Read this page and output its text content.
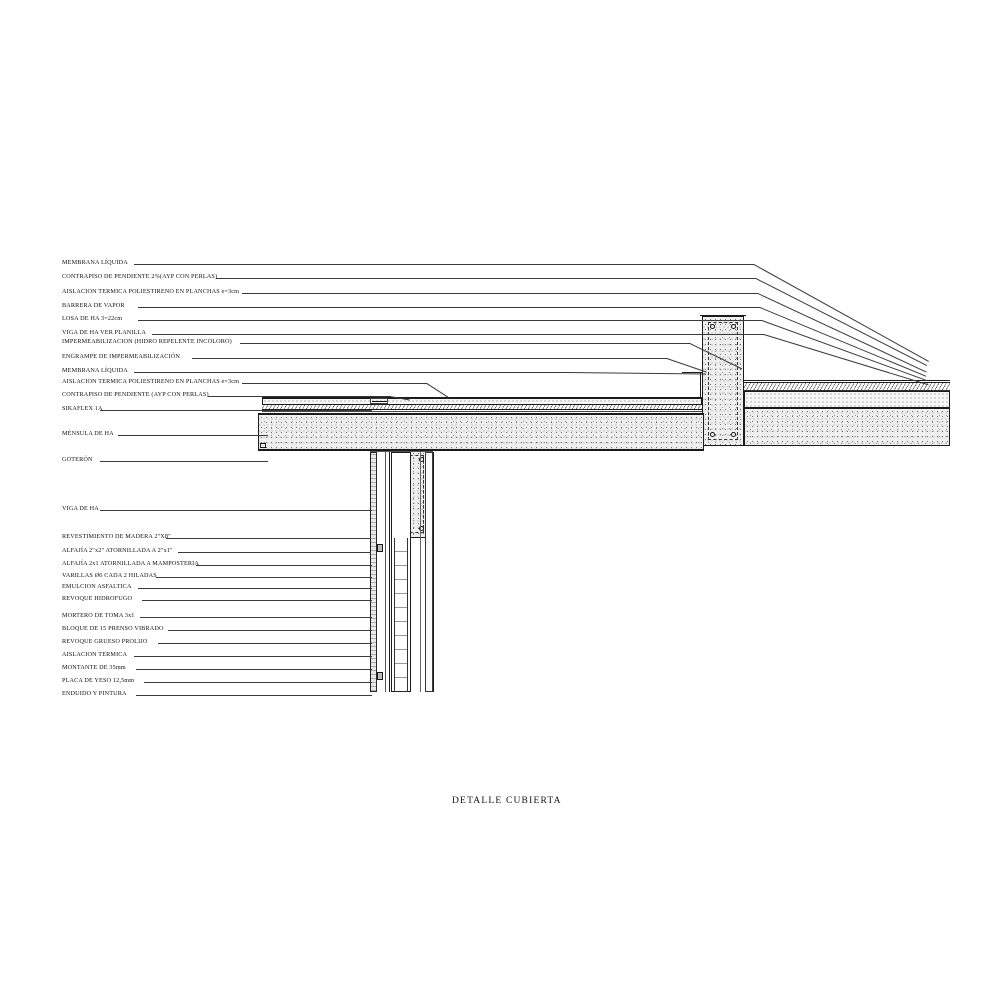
MEMBRANA LÍQUIDA
CONTRAPISO DE PENDIENTE 2%(AYP CON PERLAS)
AISLACION TERMICA POLIESTIRENO EN PLANCHAS e=3cm
BARRERA DE VAPOR
LOSA DE HA 3=22cm
VIGA DE HA VER PLANILLA
IMPERMEABILIZACION (HIDRO REPELENTE INCOLORO)
ENGRAMPE DE IMPERMEABILIZACIÓN
MEMBRANA LÍQUIDA
AISLACION TERMICA POLIESTIRENO EN PLANCHAS e=3cm
CONTRAPISO DE PENDIENTE (AYP CON PERLAS)
SIKAFLEX 1A
MÉNSULA DE HA
GOTERÓN
VIGA DE HA
REVESTIMIENTO DE MADERA 2"X8"
ALFAJÍA 2"x2" ATORNILLADA A 2"x1"
ALFAJÍA 2x1 ATORNILLADA A MAMPOSTERIA
VARILLAS Ø6 CADA 2 HILADAS
EMULCION ASFALTICA
REVOQUE HIDROFUGO
MORTERO DE TOMA 3x1
BLOQUE DE 15 PRENSO VIBRADO
REVOQUE GRUESO PROLIJO
AISLACION TERMICA
MONTANTE DE 35mm
PLACA DE YESO 12,5mm
ENDUIDO Y PINTURA
DETALLE CUBIERTA
